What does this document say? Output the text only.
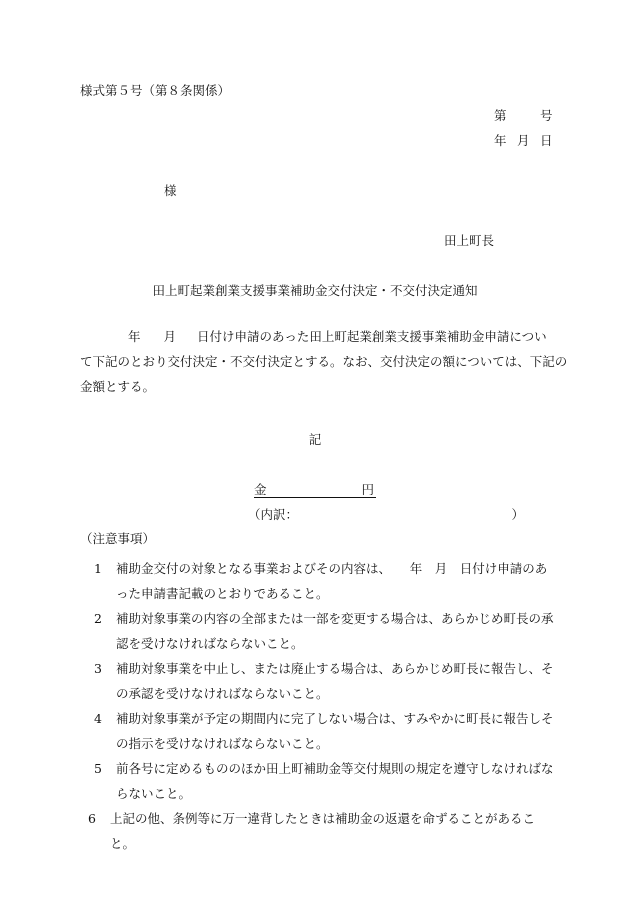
様式第５号（第８条関係）
第	号
年 月 日
様
田上町長
田上町起業創業支援事業補助金交付決定・不交付決定通知
年 月 日付け申請のあった田上町起業創業支援事業補助金申請につい
て下記のとおり交付決定・不交付決定とする。なお、交付決定の額については、下記の
金額とする。
記
金	円
（内訳：	）
（注意事項）
1 補助金交付の対象となる事業およびその内容は、　　年　月　日付け申請のあった申請書記載のとおりであること。
2 補助対象事業の内容の全部または一部を変更する場合は、あらかじめ町長の承認を受けなければならないこと。
3 補助対象事業を中止し、または廃止する場合は、あらかじめ町長に報告し、その承認を受けなければならないこと。
4 補助対象事業が予定の期間内に完了しない場合は、すみやかに町長に報告しその指示を受けなければならないこと。
5 前各号に定めるもののほか田上町補助金等交付規則の規定を遵守しなければならないこと。
6 上記の他、条例等に万一違背したときは補助金の返還を命ずることがあること。
